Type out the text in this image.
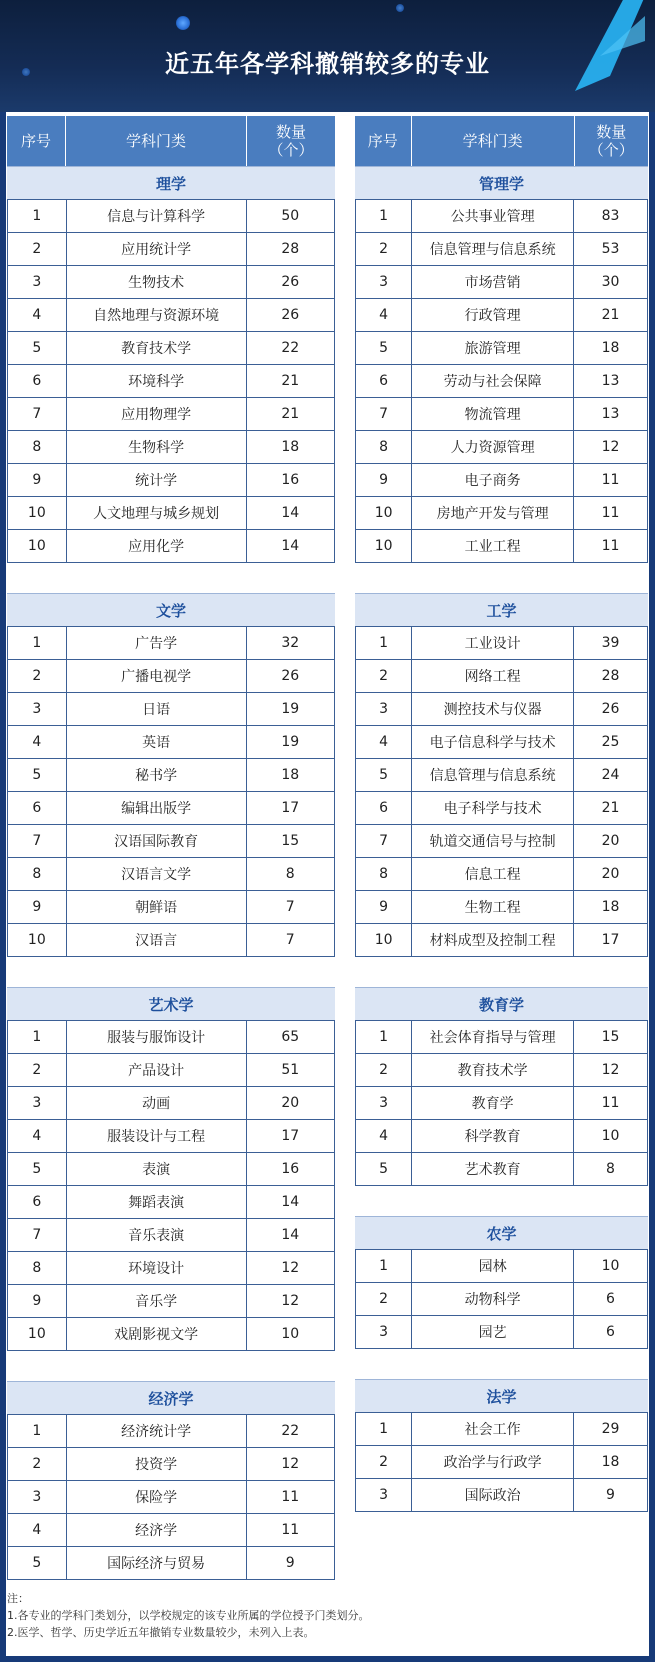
近五年各学科撤销较多的专业
序号	学科门类	数量
（个）
理学
1	信息与计算科学	50
2	应用统计学	28
3	生物技术	26
4	自然地理与资源环境	26
5	教育技术学	22
6	环境科学	21
7	应用物理学	21
8	生物科学	18
9	统计学	16
10	人文地理与城乡规划	14
10	应用化学	14
文学
1	广告学	32
2	广播电视学	26
3	日语	19
4	英语	19
5	秘书学	18
6	编辑出版学	17
7	汉语国际教育	15
8	汉语言文学	8
9	朝鲜语	7
10	汉语言	7
艺术学
1	服装与服饰设计	65
2	产品设计	51
3	动画	20
4	服装设计与工程	17
5	表演	16
6	舞蹈表演	14
7	音乐表演	14
8	环境设计	12
9	音乐学	12
10	戏剧影视文学	10
经济学
1	经济统计学	22
2	投资学	12
3	保险学	11
4	经济学	11
5	国际经济与贸易	9
序号	学科门类	数量
（个）
管理学
1	公共事业管理	83
2	信息管理与信息系统	53
3	市场营销	30
4	行政管理	21
5	旅游管理	18
6	劳动与社会保障	13
7	物流管理	13
8	人力资源管理	12
9	电子商务	11
10	房地产开发与管理	11
10	工业工程	11
工学
1	工业设计	39
2	网络工程	28
3	测控技术与仪器	26
4	电子信息科学与技术	25
5	信息管理与信息系统	24
6	电子科学与技术	21
7	轨道交通信号与控制	20
8	信息工程	20
9	生物工程	18
10	材料成型及控制工程	17
教育学
1	社会体育指导与管理	15
2	教育技术学	12
3	教育学	11
4	科学教育	10
5	艺术教育	8
农学
1	园林	10
2	动物科学	6
3	园艺	6
法学
1	社会工作	29
2	政治学与行政学	18
3	国际政治	9
注：
1.各专业的学科门类划分，以学校规定的该专业所属的学位授予门类划分。
2.医学、哲学、历史学近五年撤销专业数量较少，未列入上表。
